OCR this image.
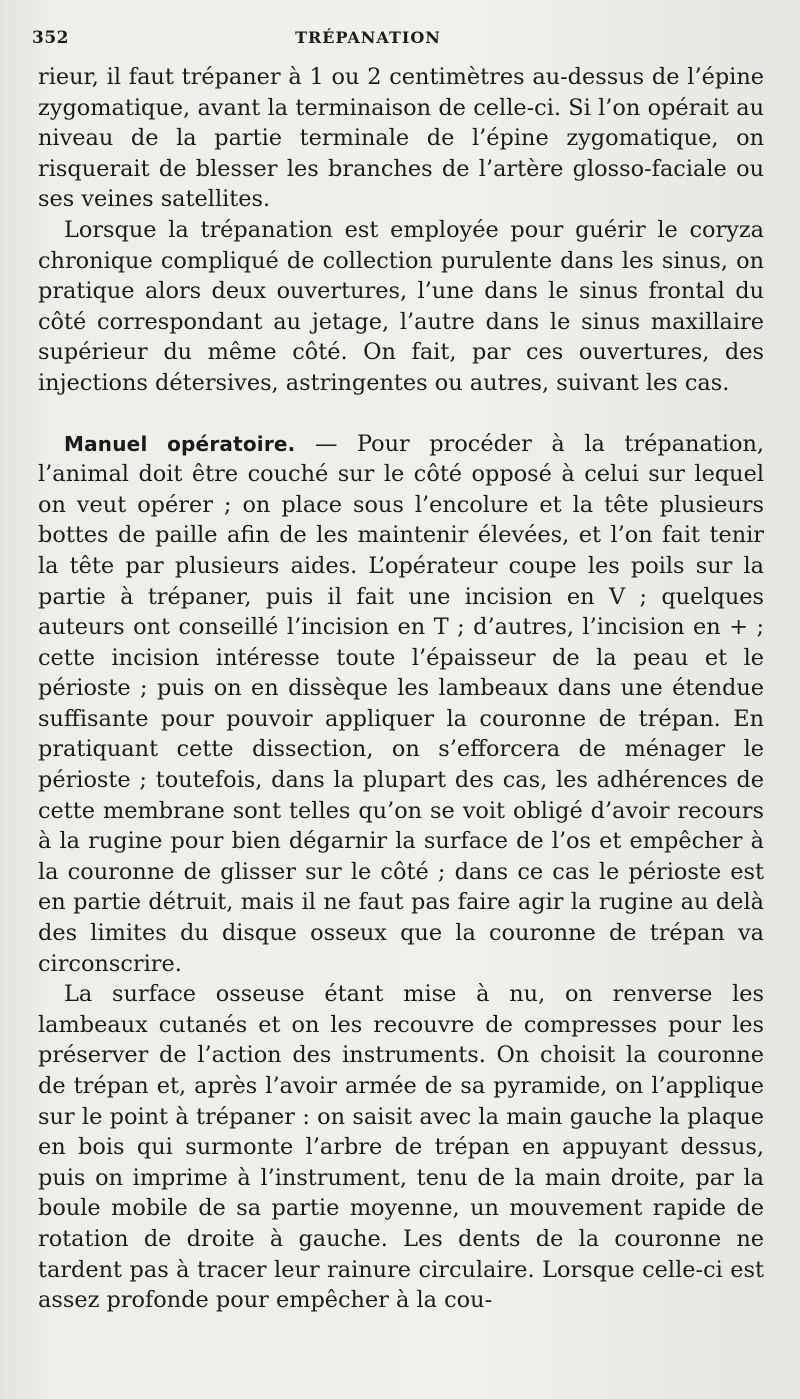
352	TRÉPANATION

rieur, il faut trépaner à 1 ou 2 centimètres au-dessus de l’épine zygomatique, avant la terminaison de celle-ci. Si l’on opérait au niveau de la partie terminale de l’épine zygomatique, on risquerait de blesser les branches de l’artère glosso-faciale ou ses veines satellites.

Lorsque la trépanation est employée pour guérir le coryza chronique compliqué de collection purulente dans les sinus, on pratique alors deux ouvertures, l’une dans le sinus frontal du côté correspondant au jetage, l’autre dans le sinus maxillaire supérieur du même côté. On fait, par ces ouvertures, des injections détersives, astringentes ou autres, suivant les cas.

Manuel opératoire. — Pour procéder à la trépanation, l’animal doit être couché sur le côté opposé à celui sur lequel on veut opérer ; on place sous l’encolure et la tête plusieurs bottes de paille afin de les maintenir élevées, et l’on fait tenir la tête par plusieurs aides. L’opérateur coupe les poils sur la partie à trépaner, puis il fait une incision en V ; quelques auteurs ont conseillé l’incision en T ; d’autres, l’incision en + ; cette incision intéresse toute l’épaisseur de la peau et le périoste ; puis on en dissèque les lambeaux dans une étendue suffisante pour pouvoir appliquer la couronne de trépan. En pratiquant cette dissection, on s’efforcera de ménager le périoste ; toutefois, dans la plupart des cas, les adhérences de cette membrane sont telles qu’on se voit obligé d’avoir recours à la rugine pour bien dégarnir la surface de l’os et empêcher à la couronne de glisser sur le côté ; dans ce cas le périoste est en partie détruit, mais il ne faut pas faire agir la rugine au delà des limites du disque osseux que la couronne de trépan va circonscrire.

La surface osseuse étant mise à nu, on renverse les lambeaux cutanés et on les recouvre de compresses pour les préserver de l’action des instruments. On choisit la couronne de trépan et, après l’avoir armée de sa pyramide, on l’applique sur le point à trépaner : on saisit avec la main gauche la plaque en bois qui surmonte l’arbre de trépan en appuyant dessus, puis on imprime à l’instrument, tenu de la main droite, par la boule mobile de sa partie moyenne, un mouvement rapide de rotation de droite à gauche. Les dents de la couronne ne tardent pas à tracer leur rainure circulaire. Lorsque celle-ci est assez profonde pour empêcher à la cou-
